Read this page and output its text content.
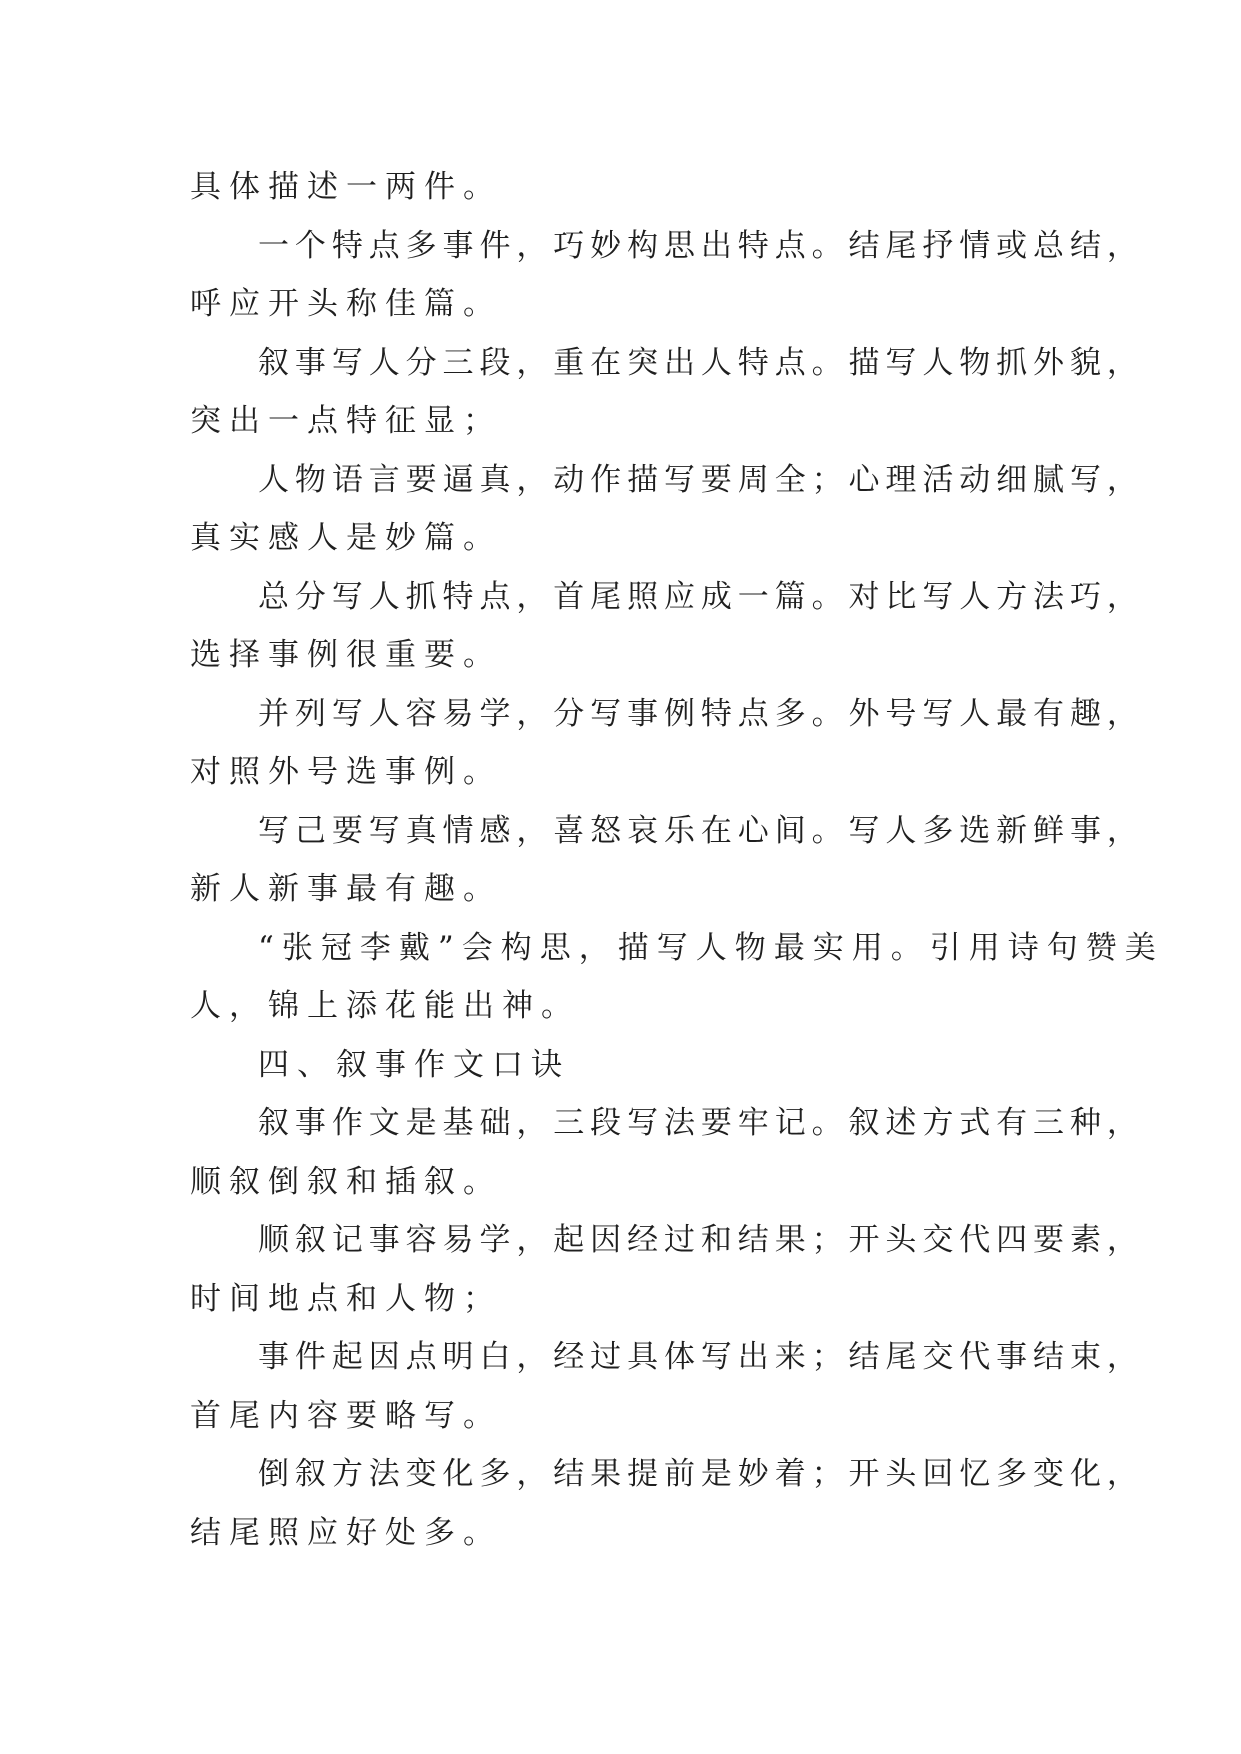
具体描述一两件。
一 个 特 点 多 事 件 ， 巧 妙 构 思 出 特 点 。 结 尾 抒 情 或 总 结 ，
呼应开头称佳篇。
叙 事 写 人 分 三 段 ， 重 在 突 出 人 特 点 。 描 写 人 物 抓 外 貌 ，
突出一点特征显；
人 物 语 言 要 逼 真 ， 动 作 描 写 要 周 全 ； 心 理 活 动 细 腻 写 ，
真实感人是妙篇。
总 分 写 人 抓 特 点 ， 首 尾 照 应 成 一 篇 。 对 比 写 人 方 法 巧 ，
选择事例很重要。
并 列 写 人 容 易 学 ， 分 写 事 例 特 点 多 。 外 号 写 人 最 有 趣 ，
对照外号选事例。
写 己 要 写 真 情 感 ， 喜 怒 哀 乐 在 心 间 。 写 人 多 选 新 鲜 事 ，
新人新事最有趣。
“张冠李戴”会构思，描写人物最实用。引用诗句赞美
人，锦上添花能出神。
四、叙事作文口诀
叙 事 作 文 是 基 础 ， 三 段 写 法 要 牢 记 。 叙 述 方 式 有 三 种 ，
顺叙倒叙和插叙。
顺 叙 记 事 容 易 学 ， 起 因 经 过 和 结 果 ； 开 头 交 代 四 要 素 ，
时间地点和人物；
事 件 起 因 点 明 白 ， 经 过 具 体 写 出 来 ； 结 尾 交 代 事 结 束 ，
首尾内容要略写。
倒 叙 方 法 变 化 多 ， 结 果 提 前 是 妙 着 ； 开 头 回 忆 多 变 化 ，
结尾照应好处多。
